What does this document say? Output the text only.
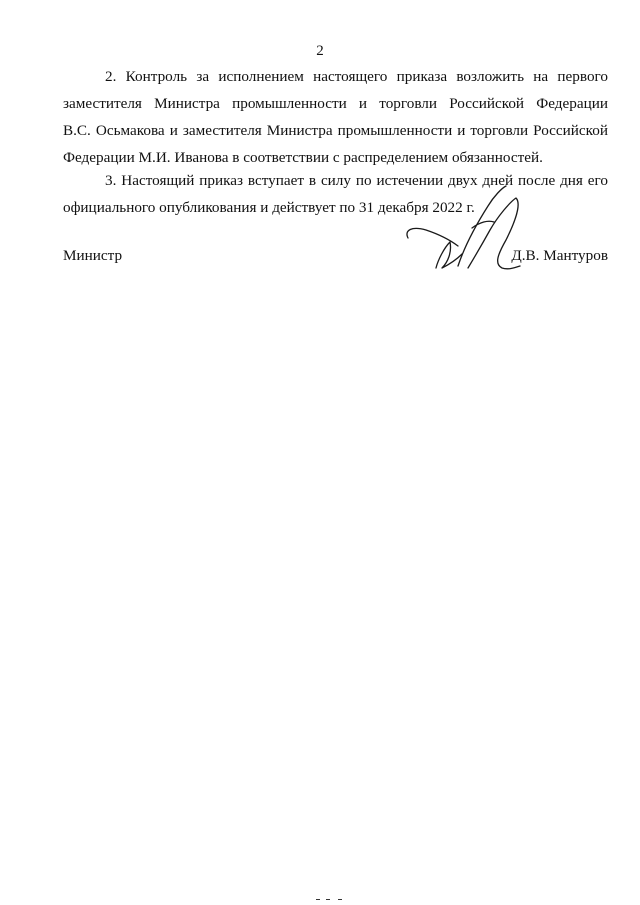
2
2. Контроль за исполнением настоящего приказа возложить на первого
заместителя Министра промышленности и торговли Российской Федерации
В.С. Осьмакова и заместителя Министра промышленности и торговли Российской
Федерации М.И. Иванова в соответствии с распределением обязанностей.
3. Настоящий приказ вступает в силу по истечении двух дней после дня его
официального опубликования и действует по 31 декабря 2022 г.
Министр	Д.В. Мантуров
